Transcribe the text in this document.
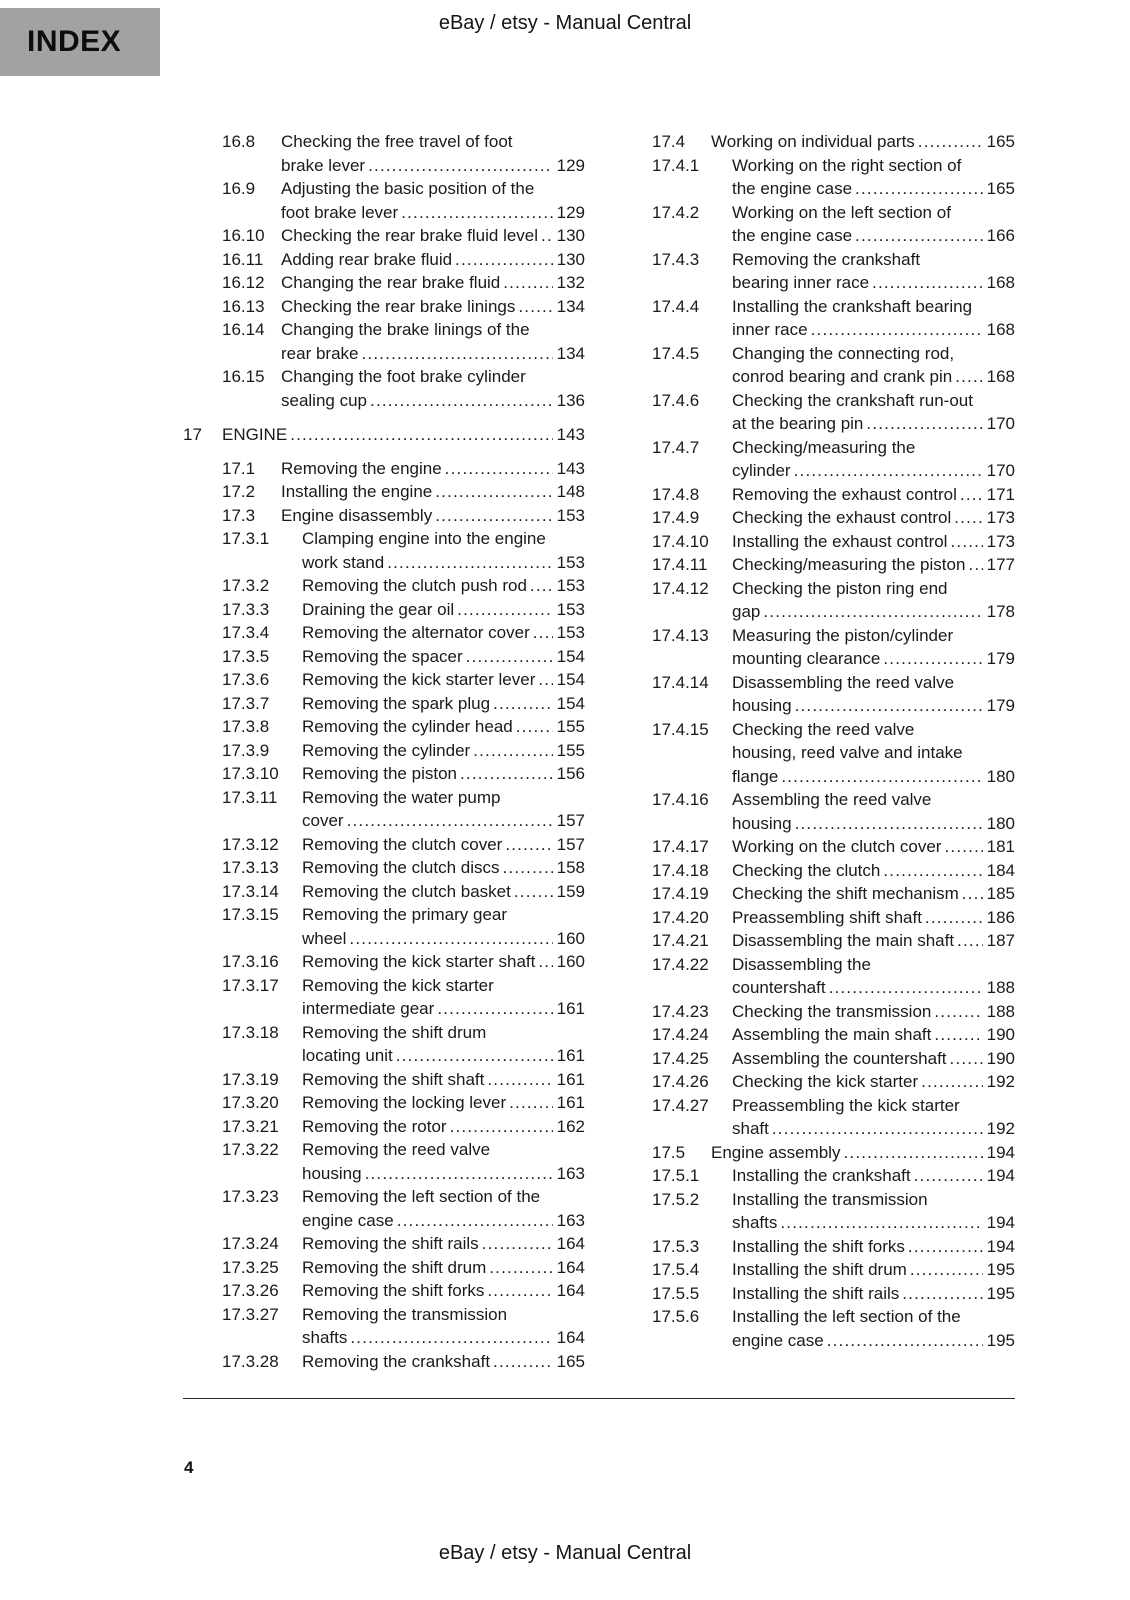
INDEX
eBay / etsy - Manual Central
16.8	Checking the free travel of foot
brake lever .....	129
16.9	Adjusting the basic position of the
foot brake lever .....	129
16.10 Checking the rear brake fluid level ..... 130
16.11	Adding rear brake fluid .....	130
16.12 Changing the rear brake fluid .....	132
16.13 Checking the rear brake linings ..... 134
16.14 Changing the brake linings of the
rear brake .....	134
16.15 Changing the foot brake cylinder
sealing cup .....	136
17	ENGINE .....	143
17.1	Removing the engine .....	143
17.2	Installing the engine .....	148
17.3	Engine disassembly .....	153
17.3.1	Clamping engine into the engine
work stand .....	153
17.3.2	Removing the clutch push rod ..... 153
17.3.3	Draining the gear oil .....	153
17.3.4	Removing the alternator cover ..... 153
17.3.5	Removing the spacer .....	154
17.3.6	Removing the kick starter lever ..... 154
17.3.7	Removing the spark plug .....	154
17.3.8	Removing the cylinder head .....	155
17.3.9	Removing the cylinder .....	155
17.3.10	Removing the piston .....	156
17.3.11	Removing the water pump
cover .....	157
17.3.12	Removing the clutch cover .....	157
17.3.13	Removing the clutch discs .....	158
17.3.14	Removing the clutch basket .....	159
17.3.15	Removing the primary gear
wheel .....	160
17.3.16	Removing the kick starter shaft ..... 160
17.3.17	Removing the kick starter
intermediate gear .....	161
17.3.18	Removing the shift drum
locating unit .....	161
17.3.19	Removing the shift shaft .....	161
17.3.20	Removing the locking lever .....	161
17.3.21	Removing the rotor .....	162
17.3.22	Removing the reed valve
housing .....	163
17.3.23	Removing the left section of the
engine case .....	163
17.3.24	Removing the shift rails .....	164
17.3.25	Removing the shift drum .....	164
17.3.26	Removing the shift forks .....	164
17.3.27	Removing the transmission
shafts .....	164
17.3.28	Removing the crankshaft .....	165
17.4	Working on individual parts .....	165
17.4.1	Working on the right section of
the engine case .....	165
17.4.2	Working on the left section of
the engine case .....	166
17.4.3	Removing the crankshaft
bearing inner race .....	168
17.4.4	Installing the crankshaft bearing
inner race .....	168
17.4.5	Changing the connecting rod,
conrod bearing and crank pin ..... 168
17.4.6	Checking the crankshaft run-out
at the bearing pin .....	170
17.4.7	Checking/measuring the
cylinder .....	170
17.4.8	Removing the exhaust control ..... 171
17.4.9	Checking the exhaust control ..... 173
17.4.10	Installing the exhaust control ..... 173
17.4.11	Checking/measuring the piston ..... 177
17.4.12	Checking the piston ring end
gap .....	178
17.4.13	Measuring the piston/cylinder
mounting clearance .....	179
17.4.14	Disassembling the reed valve
housing .....	179
17.4.15	Checking the reed valve
housing, reed valve and intake
flange .....	180
17.4.16	Assembling the reed valve
housing .....	180
17.4.17	Working on the clutch cover .....	181
17.4.18	Checking the clutch .....	184
17.4.19	Checking the shift mechanism ..... 185
17.4.20	Preassembling shift shaft .....	186
17.4.21	Disassembling the main shaft ..... 187
17.4.22	Disassembling the
countershaft .....	188
17.4.23	Checking the transmission .....	188
17.4.24	Assembling the main shaft .....	190
17.4.25	Assembling the countershaft ..... 190
17.4.26	Checking the kick starter .....	192
17.4.27	Preassembling the kick starter
shaft .....	192
17.5	Engine assembly .....	194
17.5.1	Installing the crankshaft .....	194
17.5.2	Installing the transmission
shafts .....	194
17.5.3	Installing the shift forks .....	194
17.5.4	Installing the shift drum .....	195
17.5.5	Installing the shift rails .....	195
17.5.6	Installing the left section of the
engine case .....	195
4
eBay / etsy - Manual Central
